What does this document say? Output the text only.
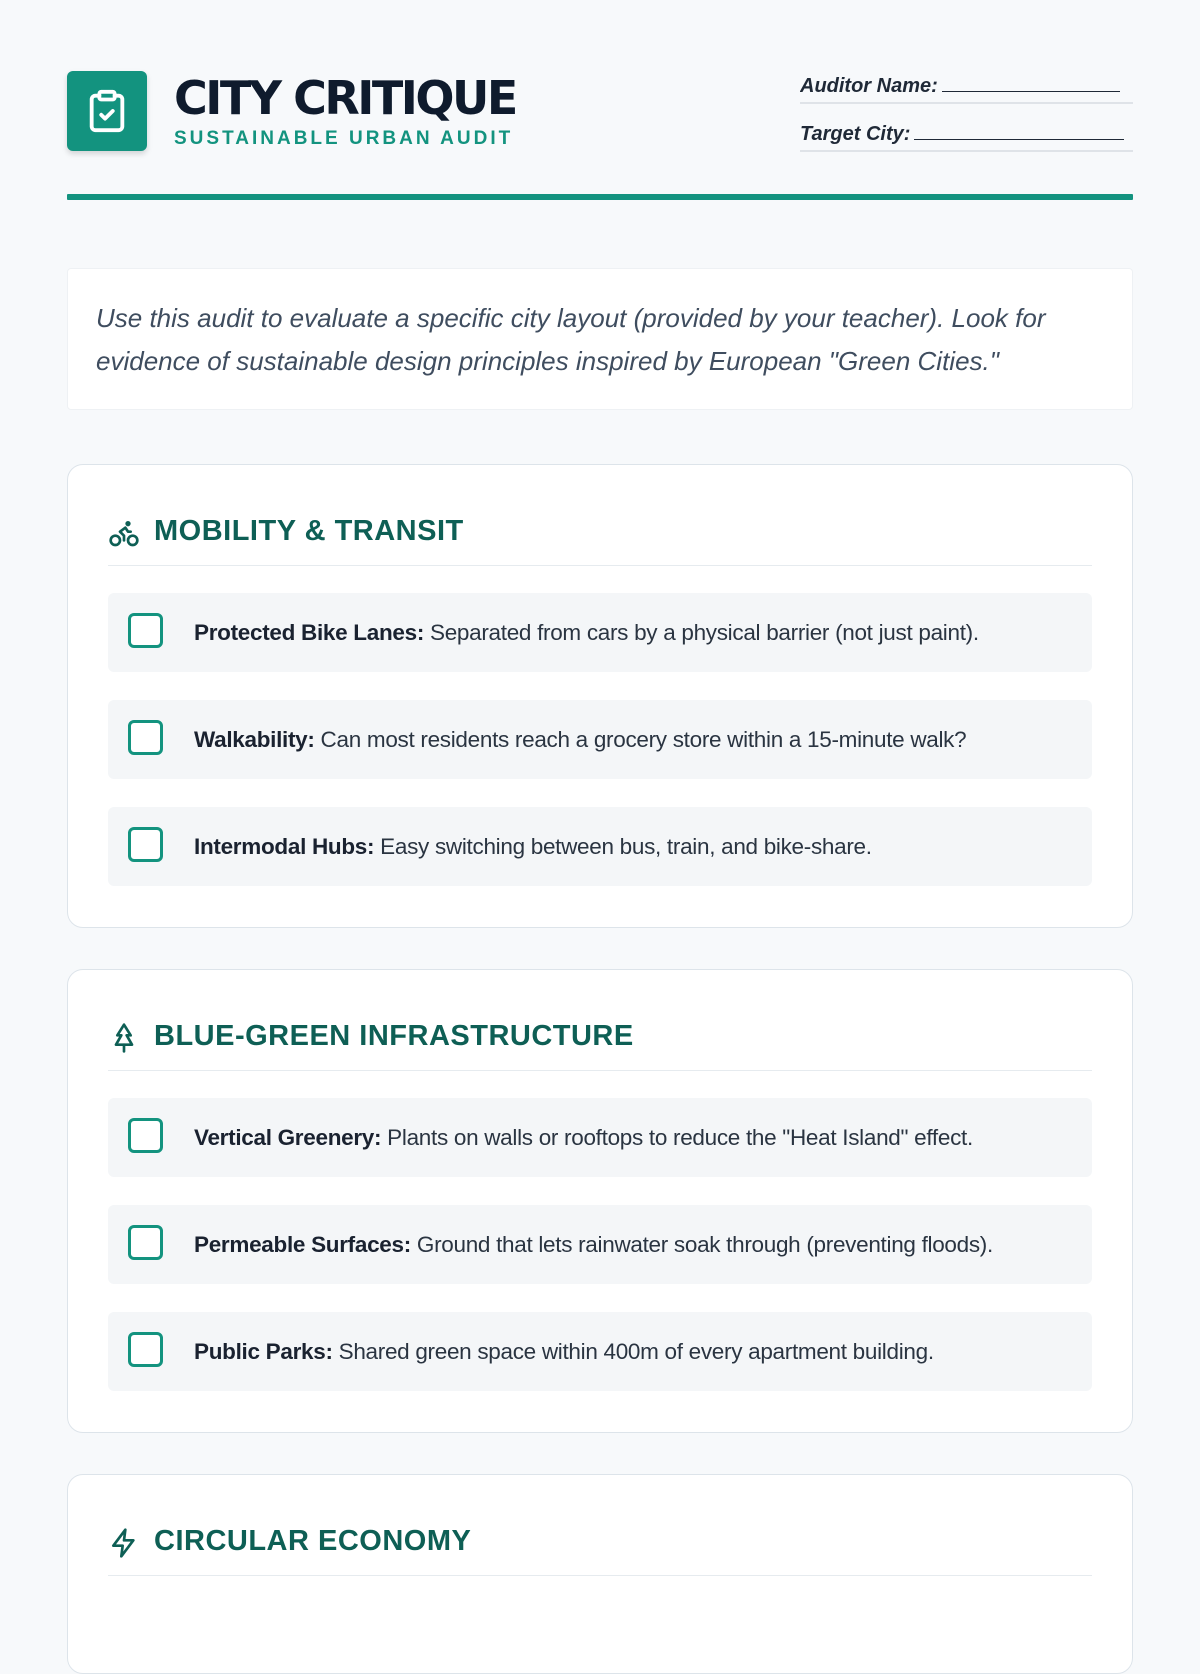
CITY CRITIQUE
SUSTAINABLE URBAN AUDIT
Auditor Name:
Target City:
Use this audit to evaluate a specific city layout (provided by your teacher). Look for evidence of sustainable design principles inspired by European "Green Cities."
MOBILITY & TRANSIT
Protected Bike Lanes: Separated from cars by a physical barrier (not just paint).
Walkability: Can most residents reach a grocery store within a 15-minute walk?
Intermodal Hubs: Easy switching between bus, train, and bike-share.
BLUE-GREEN INFRASTRUCTURE
Vertical Greenery: Plants on walls or rooftops to reduce the "Heat Island" effect.
Permeable Surfaces: Ground that lets rainwater soak through (preventing floods).
Public Parks: Shared green space within 400m of every apartment building.
CIRCULAR ECONOMY
